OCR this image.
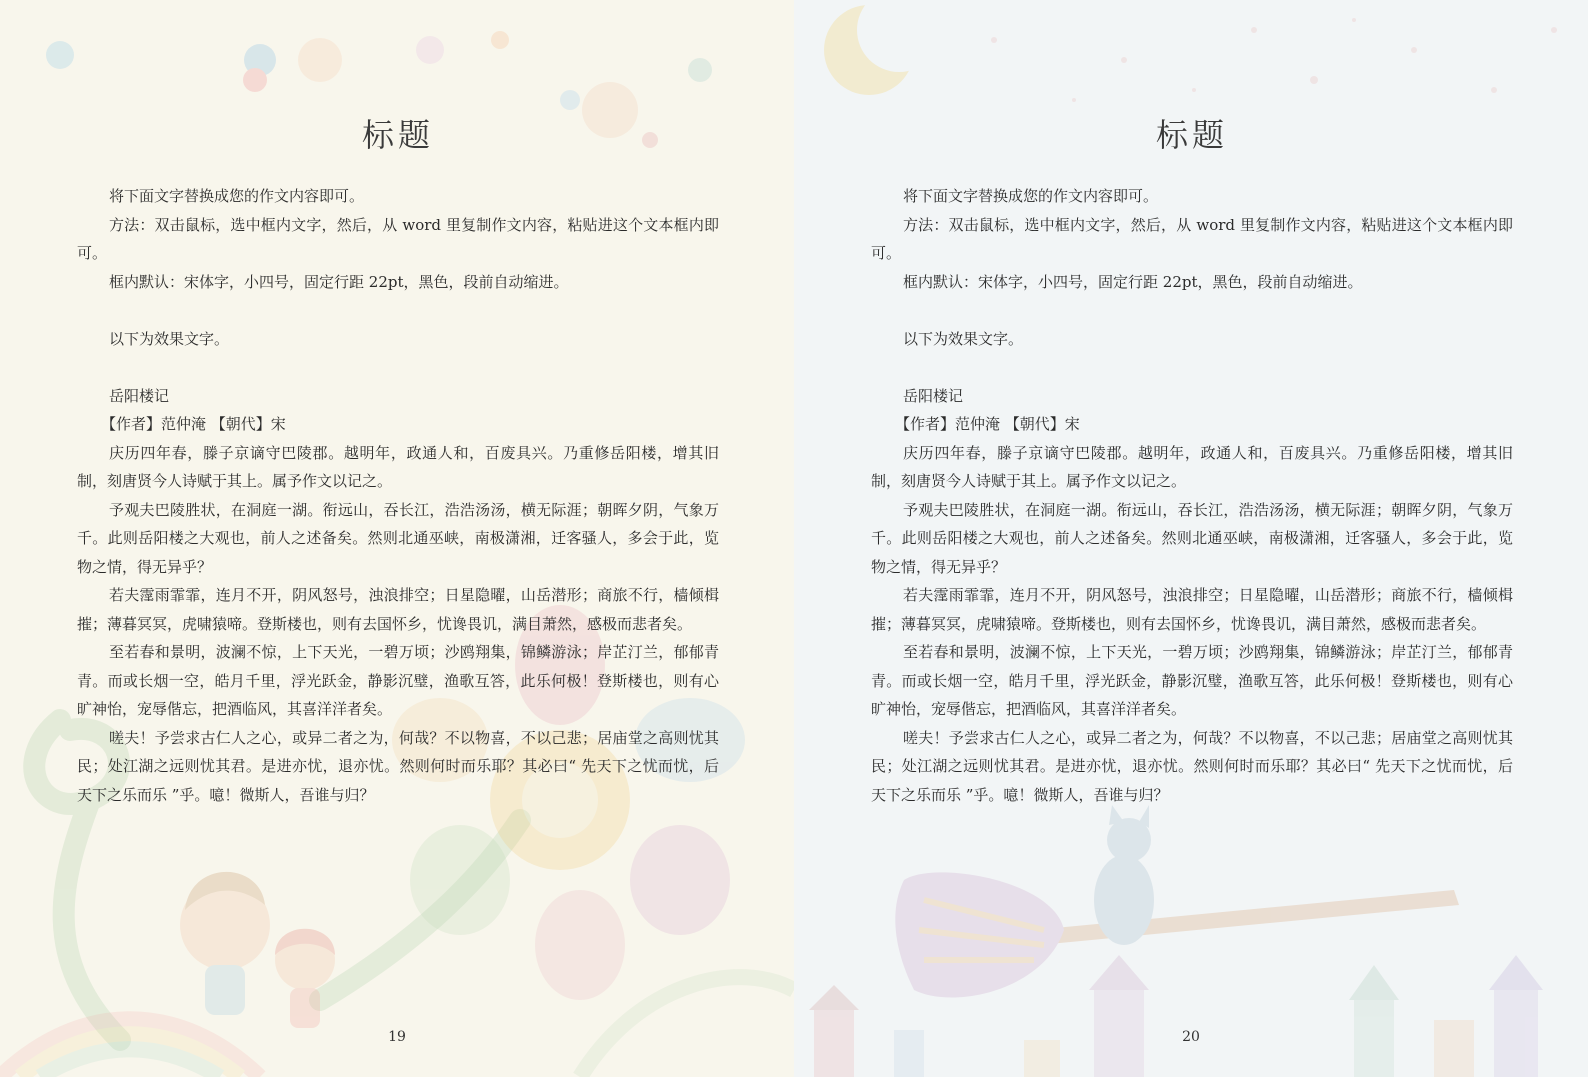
标题

将下面文字替换成您的作文内容即可。

方法：双击鼠标，选中框内文字，然后，从 word 里复制作文内容，粘贴进这个文本框内即可。

框内默认：宋体字，小四号，固定行距 22pt，黑色，段前自动缩进。

以下为效果文字。

岳阳楼记

【作者】范仲淹 【朝代】宋

庆历四年春，滕子京谪守巴陵郡。越明年，政通人和，百废具兴。乃重修岳阳楼，增其旧制，刻唐贤今人诗赋于其上。属予作文以记之。

予观夫巴陵胜状，在洞庭一湖。衔远山，吞长江，浩浩汤汤，横无际涯；朝晖夕阴，气象万千。此则岳阳楼之大观也，前人之述备矣。然则北通巫峡，南极潇湘，迁客骚人，多会于此，览物之情，得无异乎？

若夫霪雨霏霏，连月不开，阴风怒号，浊浪排空；日星隐曜，山岳潜形；商旅不行，樯倾楫摧；薄暮冥冥，虎啸猿啼。登斯楼也，则有去国怀乡，忧谗畏讥，满目萧然，感极而悲者矣。

至若春和景明，波澜不惊，上下天光，一碧万顷；沙鸥翔集，锦鳞游泳；岸芷汀兰，郁郁青青。而或长烟一空，皓月千里，浮光跃金，静影沉璧，渔歌互答，此乐何极！登斯楼也，则有心旷神怡，宠辱偕忘，把酒临风，其喜洋洋者矣。

嗟夫！予尝求古仁人之心，或异二者之为，何哉？不以物喜，不以己悲；居庙堂之高则忧其民；处江湖之远则忧其君。是进亦忧，退亦忧。然则何时而乐耶？其必曰“ 先天下之忧而忧，后天下之乐而乐 ”乎。噫！微斯人，吾谁与归？

19
标题

将下面文字替换成您的作文内容即可。

方法：双击鼠标，选中框内文字，然后，从 word 里复制作文内容，粘贴进这个文本框内即可。

框内默认：宋体字，小四号，固定行距 22pt，黑色，段前自动缩进。

以下为效果文字。

岳阳楼记

【作者】范仲淹 【朝代】宋

庆历四年春，滕子京谪守巴陵郡。越明年，政通人和，百废具兴。乃重修岳阳楼，增其旧制，刻唐贤今人诗赋于其上。属予作文以记之。

予观夫巴陵胜状，在洞庭一湖。衔远山，吞长江，浩浩汤汤，横无际涯；朝晖夕阴，气象万千。此则岳阳楼之大观也，前人之述备矣。然则北通巫峡，南极潇湘，迁客骚人，多会于此，览物之情，得无异乎？

若夫霪雨霏霏，连月不开，阴风怒号，浊浪排空；日星隐曜，山岳潜形；商旅不行，樯倾楫摧；薄暮冥冥，虎啸猿啼。登斯楼也，则有去国怀乡，忧谗畏讥，满目萧然，感极而悲者矣。

至若春和景明，波澜不惊，上下天光，一碧万顷；沙鸥翔集，锦鳞游泳；岸芷汀兰，郁郁青青。而或长烟一空，皓月千里，浮光跃金，静影沉璧，渔歌互答，此乐何极！登斯楼也，则有心旷神怡，宠辱偕忘，把酒临风，其喜洋洋者矣。

嗟夫！予尝求古仁人之心，或异二者之为，何哉？不以物喜，不以己悲；居庙堂之高则忧其民；处江湖之远则忧其君。是进亦忧，退亦忧。然则何时而乐耶？其必曰“ 先天下之忧而忧，后天下之乐而乐 ”乎。噫！微斯人，吾谁与归？

20
